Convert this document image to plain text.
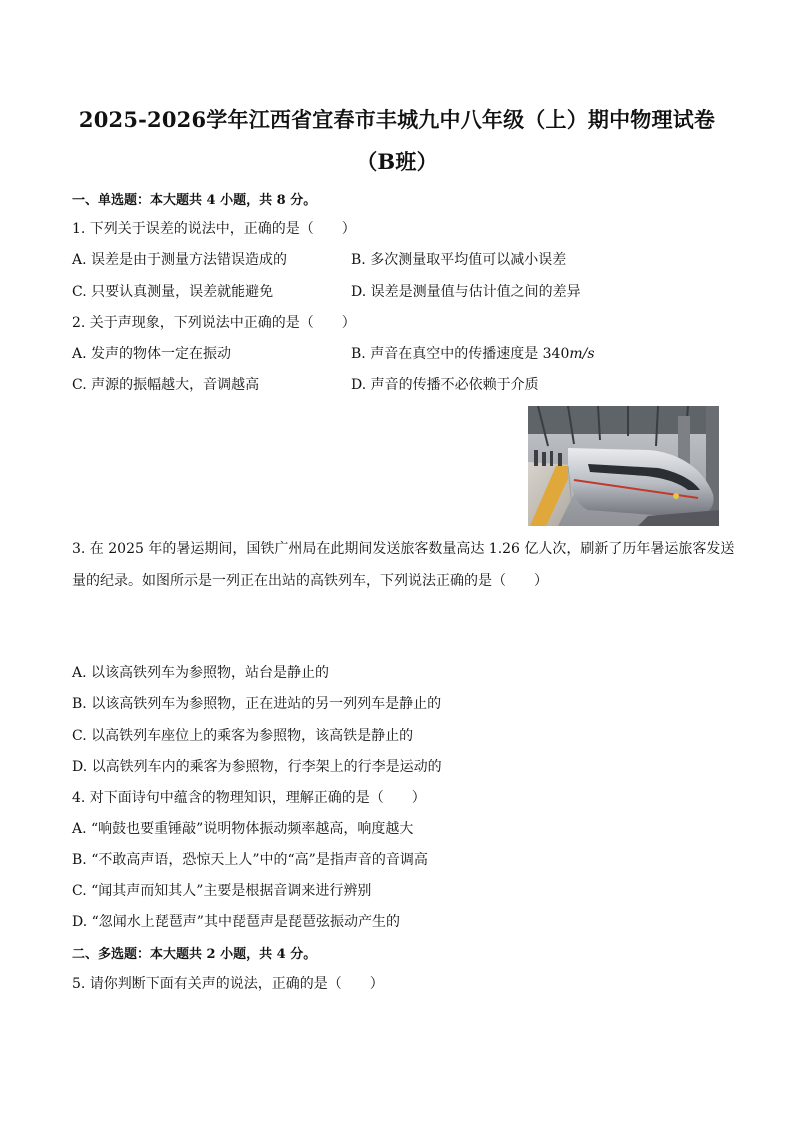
2025-2026学年江西省宜春市丰城九中八年级（上）期中物理试卷
（B班）
一、单选题：本大题共 4 小题，共 8 分。
1. 下列关于误差的说法中，正确的是（　　）
A. 误差是由于测量方法错误造成的	B. 多次测量取平均值可以减小误差
C. 只要认真测量，误差就能避免	D. 误差是测量值与估计值之间的差异
2. 关于声现象，下列说法中正确的是（　　）
A. 发声的物体一定在振动	B. 声音在真空中的传播速度是 340m/s
C. 声源的振幅越大，音调越高	D. 声音的传播不必依赖于介质
3. 在 2025 年的暑运期间，国铁广州局在此期间发送旅客数量高达 1.26 亿人次，刷新了历年暑运旅客发送
量的纪录。如图所示是一列正在出站的高铁列车，下列说法正确的是（　　）
A. 以该高铁列车为参照物，站台是静止的
B. 以该高铁列车为参照物，正在进站的另一列列车是静止的
C. 以高铁列车座位上的乘客为参照物，该高铁是静止的
D. 以高铁列车内的乘客为参照物，行李架上的行李是运动的
4. 对下面诗句中蕴含的物理知识，理解正确的是（　　）
A. “响鼓也要重锤敲”说明物体振动频率越高，响度越大
B. “不敢高声语，恐惊天上人”中的“高”是指声音的音调高
C. “闻其声而知其人”主要是根据音调来进行辨别
D. “忽闻水上琵琶声”其中琵琶声是琵琶弦振动产生的
二、多选题：本大题共 2 小题，共 4 分。
5. 请你判断下面有关声的说法，正确的是（　　）
